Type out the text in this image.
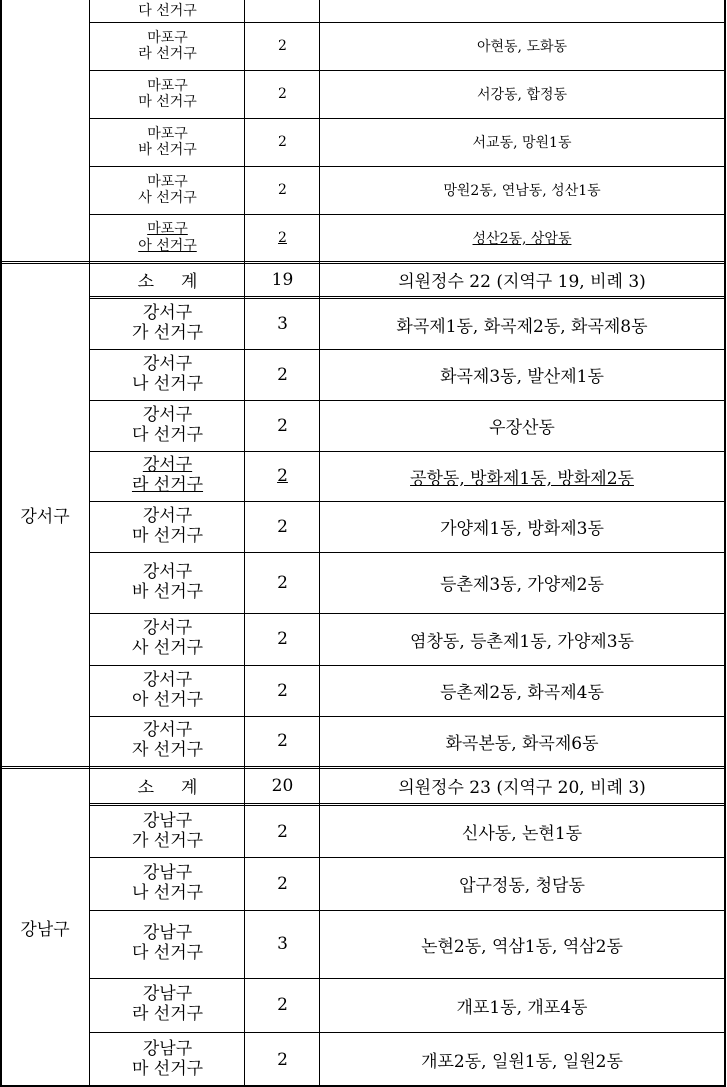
다 선거구
마포구
라 선거구	2	아현동, 도화동
마포구
마 선거구	2	서강동, 합정동
마포구
바 선거구	2	서교동, 망원1동
마포구
사 선거구	2	망원2동, 연남동, 성산1동
마포구
아 선거구	2	성산2동, 상암동
소     계	19	의원정수 22 (지역구 19, 비례 3)
강서구
가 선거구	3	화곡제1동, 화곡제2동, 화곡제8동
강서구
나 선거구	2	화곡제3동, 발산제1동
강서구
다 선거구	2	우장산동
강서구
라 선거구	2	공항동, 방화제1동, 방화제2동
강서구
마 선거구	2	가양제1동, 방화제3동
강서구
바 선거구	2	등촌제3동, 가양제2동
강서구
사 선거구	2	염창동, 등촌제1동, 가양제3동
강서구
아 선거구	2	등촌제2동, 화곡제4동
강서구
자 선거구	2	화곡본동, 화곡제6동
강서구
소     계	20	의원정수 23 (지역구 20, 비례 3)
강남구
가 선거구	2	신사동, 논현1동
강남구
나 선거구	2	압구정동, 청담동
강남구
다 선거구	3	논현2동, 역삼1동, 역삼2동
강남구
라 선거구	2	개포1동, 개포4동
강남구
마 선거구	2	개포2동, 일원1동, 일원2동
강남구
